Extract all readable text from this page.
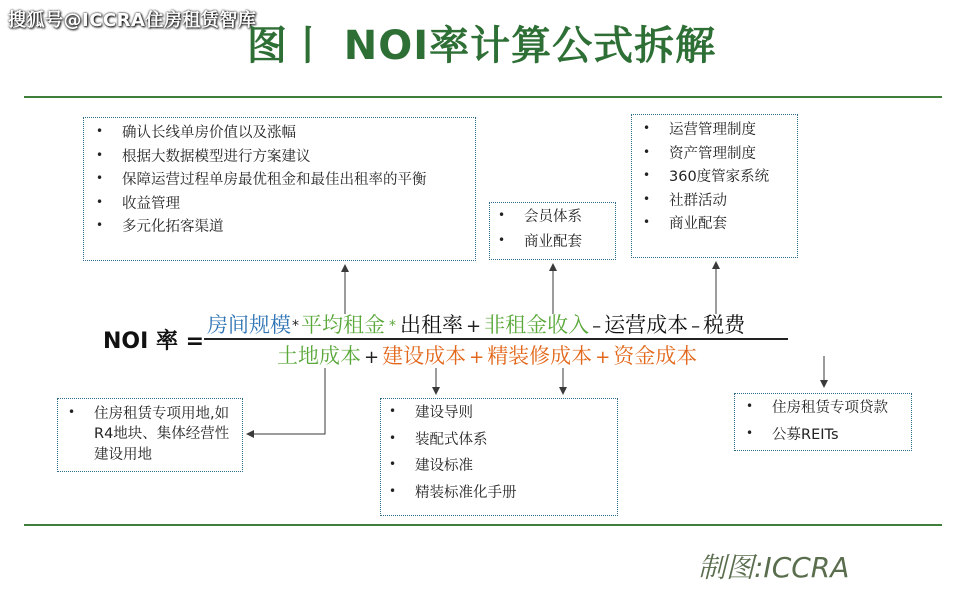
搜狐号@ICCRA住房租赁智库
图丨 NOI率计算公式拆解
• 确认长线单房价值以及涨幅
• 根据大数据模型进行方案建议
• 保障运营过程单房最优租金和最佳出租率的平衡
• 收益管理
• 多元化拓客渠道
• 会员体系
• 商业配套
• 运营管理制度
• 资产管理制度
• 360度管家系统
• 社群活动
• 商业配套
NOI 率 =
房间规模*平均租金 * 出租率 + 非租金收入 – 运营成本 – 税费
土地成本 + 建设成本 + 精装修成本 + 资金成本
• 住房租赁专项用地,如R4地块、集体经营性建设用地
• 建设导则
• 装配式体系
• 建设标准
• 精装标准化手册
• 住房租赁专项贷款
• 公募REITs
制图:ICCRA
